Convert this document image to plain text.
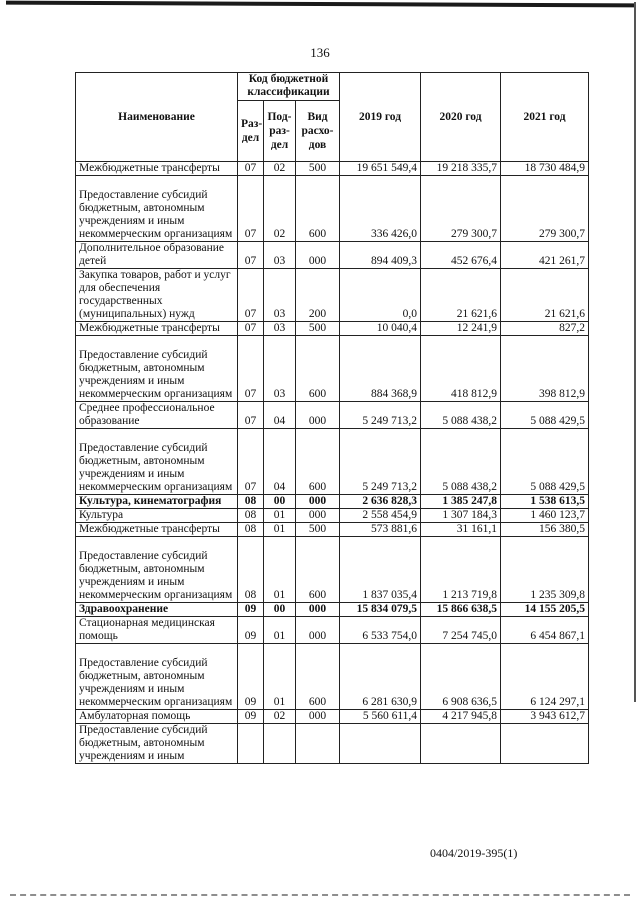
136
Наименование	Код бюджетной классификации			2019 год	2020 год	2021 год
	Раз-дел	Под-раз-дел	Вид расхо-дов			
Межбюджетные трансферты	07	02	500	19 651 549,4	19 218 335,7	18 730 484,9
Предоставление субсидий бюджетным, автономным учреждениям и иным некоммерческим организациям	07	02	600	336 426,0	279 300,7	279 300,7
Дополнительное образование детей	07	03	000	894 409,3	452 676,4	421 261,7
Закупка товаров, работ и услуг для обеспечения государственных (муниципальных) нужд	07	03	200	0,0	21 621,6	21 621,6
Межбюджетные трансферты	07	03	500	10 040,4	12 241,9	827,2
Предоставление субсидий бюджетным, автономным учреждениям и иным некоммерческим организациям	07	03	600	884 368,9	418 812,9	398 812,9
Среднее профессиональное образование	07	04	000	5 249 713,2	5 088 438,2	5 088 429,5
Предоставление субсидий бюджетным, автономным учреждениям и иным некоммерческим организациям	07	04	600	5 249 713,2	5 088 438,2	5 088 429,5
Культура, кинематография	08	00	000	2 636 828,3	1 385 247,8	1 538 613,5
Культура	08	01	000	2 558 454,9	1 307 184,3	1 460 123,7
Межбюджетные трансферты	08	01	500	573 881,6	31 161,1	156 380,5
Предоставление субсидий бюджетным, автономным учреждениям и иным некоммерческим организациям	08	01	600	1 837 035,4	1 213 719,8	1 235 309,8
Здравоохранение	09	00	000	15 834 079,5	15 866 638,5	14 155 205,5
Стационарная медицинская помощь	09	01	000	6 533 754,0	7 254 745,0	6 454 867,1
Предоставление субсидий бюджетным, автономным учреждениям и иным некоммерческим организациям	09	01	600	6 281 630,9	6 908 636,5	6 124 297,1
Амбулаторная помощь	09	02	000	5 560 611,4	4 217 945,8	3 943 612,7
Предоставление субсидий бюджетным, автономным учреждениям и иным						
0404/2019-395(1)
